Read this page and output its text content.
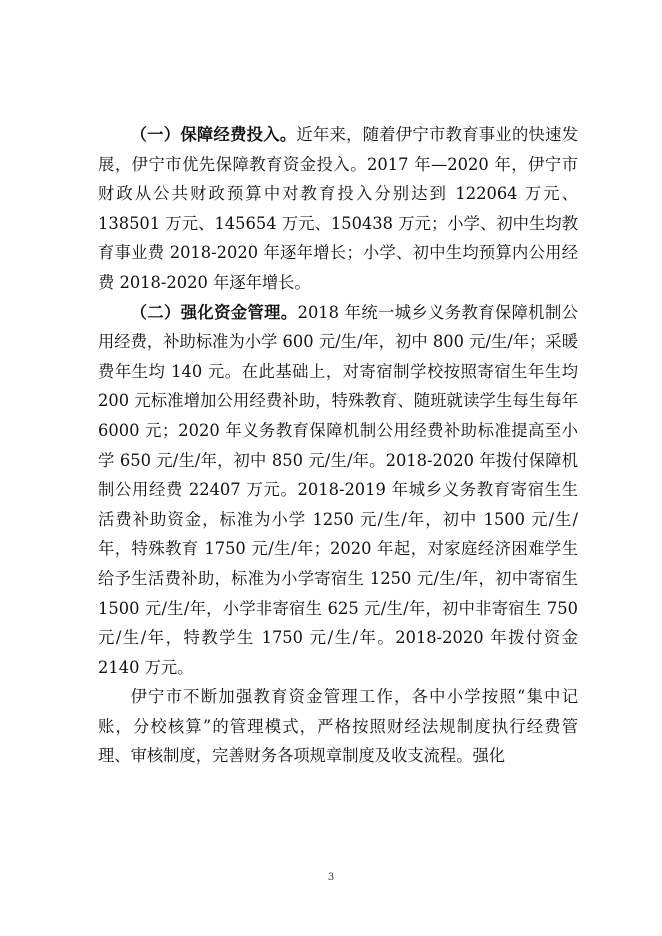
（一）保障经费投入。近年来，随着伊宁市教育事业的快速发展，伊宁市优先保障教育资金投入。2017 年—2020 年，伊宁市财政从公共财政预算中对教育投入分别达到 122064 万元、138501 万元、145654 万元、150438 万元；小学、初中生均教育事业费 2018-2020 年逐年增长；小学、初中生均预算内公用经费 2018-2020 年逐年增长。

（二）强化资金管理。2018 年统一城乡义务教育保障机制公用经费，补助标准为小学 600 元/生/年，初中 800 元/生/年；采暖费年生均 140 元。在此基础上，对寄宿制学校按照寄宿生年生均 200 元标准增加公用经费补助，特殊教育、随班就读学生每生每年 6000 元；2020 年义务教育保障机制公用经费补助标准提高至小学 650 元/生/年，初中 850 元/生/年。2018-2020 年拨付保障机制公用经费 22407 万元。2018-2019 年城乡义务教育寄宿生生活费补助资金，标准为小学 1250 元/生/年，初中 1500 元/生/年，特殊教育 1750 元/生/年；2020 年起，对家庭经济困难学生给予生活费补助，标准为小学寄宿生 1250 元/生/年，初中寄宿生 1500 元/生/年，小学非寄宿生 625 元/生/年，初中非寄宿生 750 元/生/年，特教学生 1750 元/生/年。2018-2020 年拨付资金 2140 万元。

伊宁市不断加强教育资金管理工作，各中小学按照“集中记账，分校核算”的管理模式，严格按照财经法规制度执行经费管理、审核制度，完善财务各项规章制度及收支流程。强化

3
